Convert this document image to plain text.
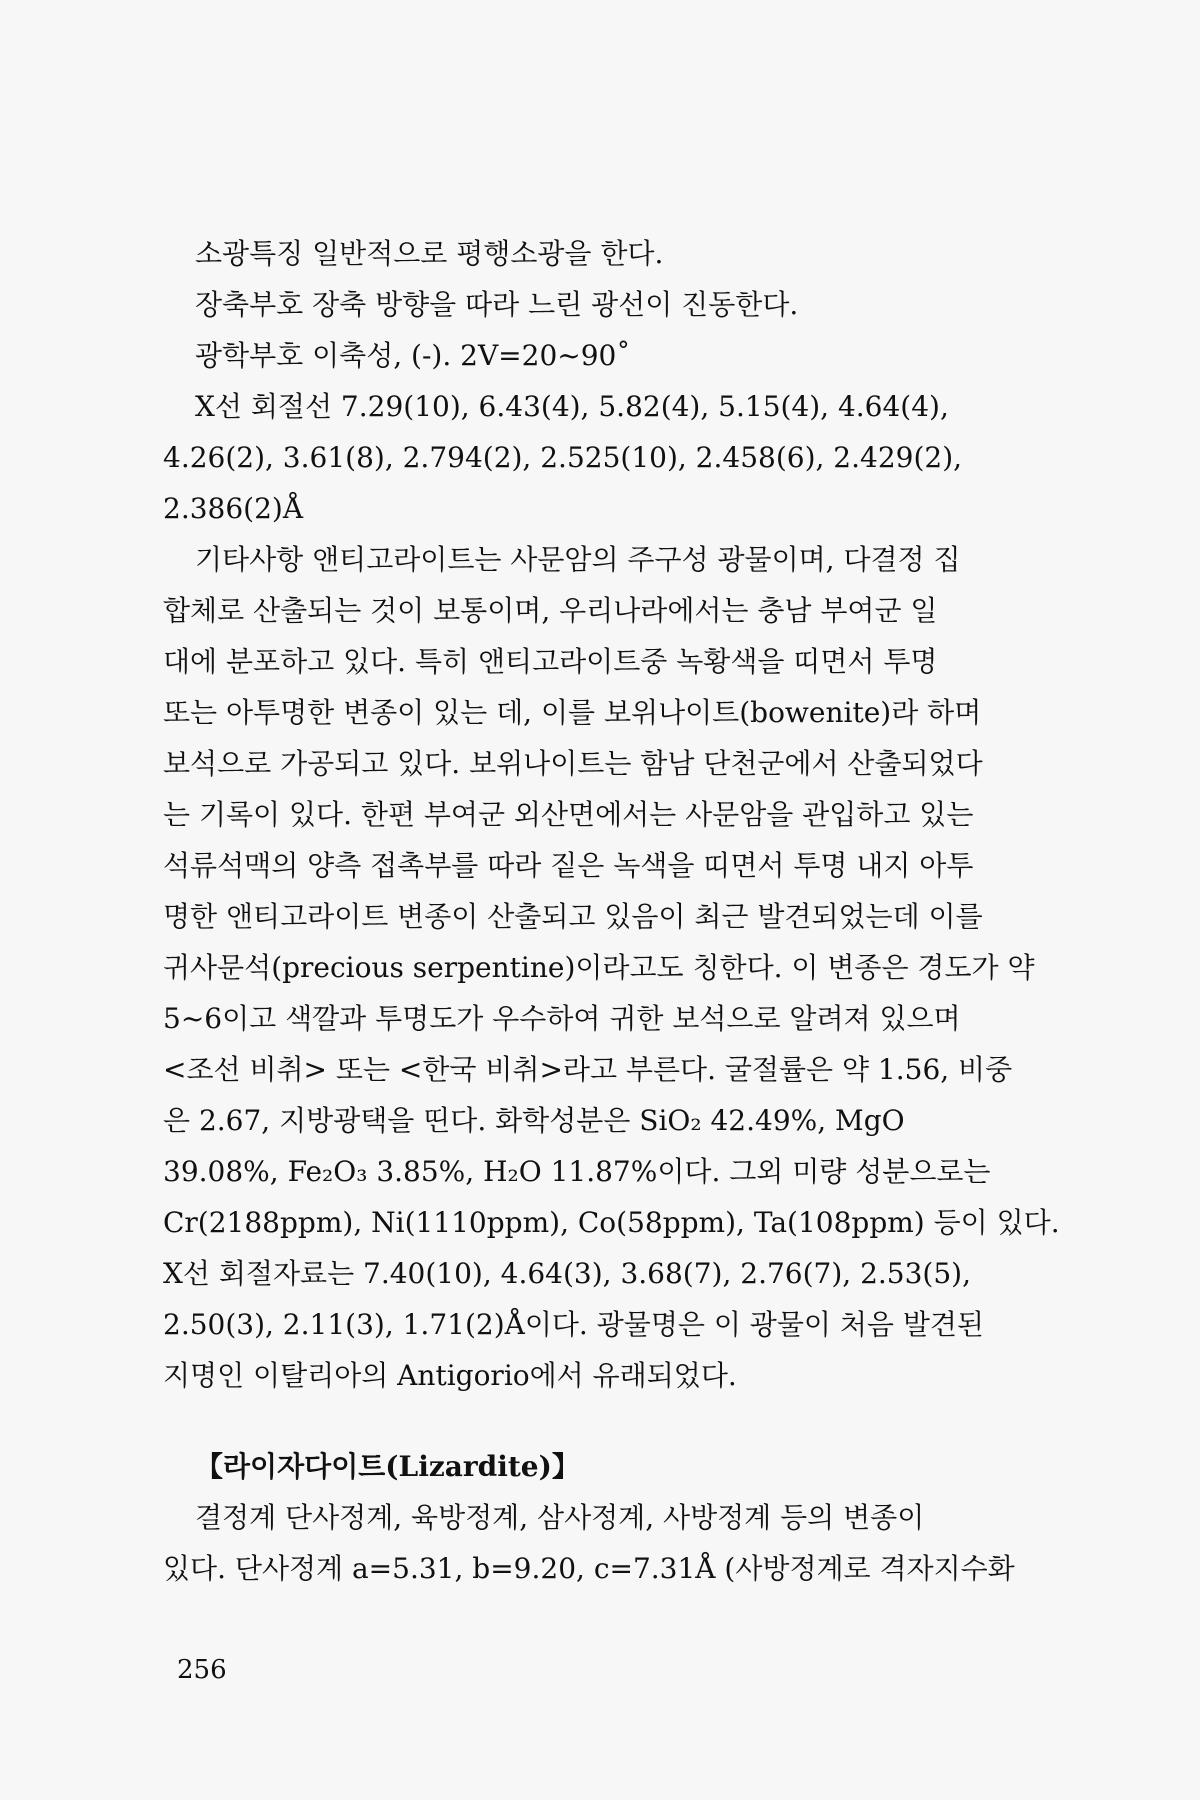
소광특징 일반적으로 평행소광을 한다.
장축부호 장축 방향을 따라 느린 광선이 진동한다.
광학부호 이축성, (-). 2V=20~90˚
X선 회절선 7.29(10), 6.43(4), 5.82(4), 5.15(4), 4.64(4),
4.26(2), 3.61(8), 2.794(2), 2.525(10), 2.458(6), 2.429(2),
2.386(2)Å
기타사항 앤티고라이트는 사문암의 주구성 광물이며, 다결정 집
합체로 산출되는 것이 보통이며, 우리나라에서는 충남 부여군 일
대에 분포하고 있다. 특히 앤티고라이트중 녹황색을 띠면서 투명
또는 아투명한 변종이 있는 데, 이를 보위나이트(bowenite)라 하며
보석으로 가공되고 있다. 보위나이트는 함남 단천군에서 산출되었다
는 기록이 있다. 한편 부여군 외산면에서는 사문암을 관입하고 있는
석류석맥의 양측 접촉부를 따라 짙은 녹색을 띠면서 투명 내지 아투
명한 앤티고라이트 변종이 산출되고 있음이 최근 발견되었는데 이를
귀사문석(precious serpentine)이라고도 칭한다. 이 변종은 경도가 약
5~6이고 색깔과 투명도가 우수하여 귀한 보석으로 알려져 있으며
<조선 비취> 또는 <한국 비취>라고 부른다. 굴절률은 약 1.56, 비중
은 2.67, 지방광택을 띤다. 화학성분은 SiO₂ 42.49%, MgO
39.08%, Fe₂O₃ 3.85%, H₂O 11.87%이다. 그외 미량 성분으로는
Cr(2188ppm), Ni(1110ppm), Co(58ppm), Ta(108ppm) 등이 있다.
X선 회절자료는 7.40(10), 4.64(3), 3.68(7), 2.76(7), 2.53(5),
2.50(3), 2.11(3), 1.71(2)Å이다. 광물명은 이 광물이 처음 발견된
지명인 이탈리아의 Antigorio에서 유래되었다.
【라이자다이트(Lizardite)】
결정계 단사정계, 육방정계, 삼사정계, 사방정계 등의 변종이
있다. 단사정계 a=5.31, b=9.20, c=7.31Å (사방정계로 격자지수화
256
